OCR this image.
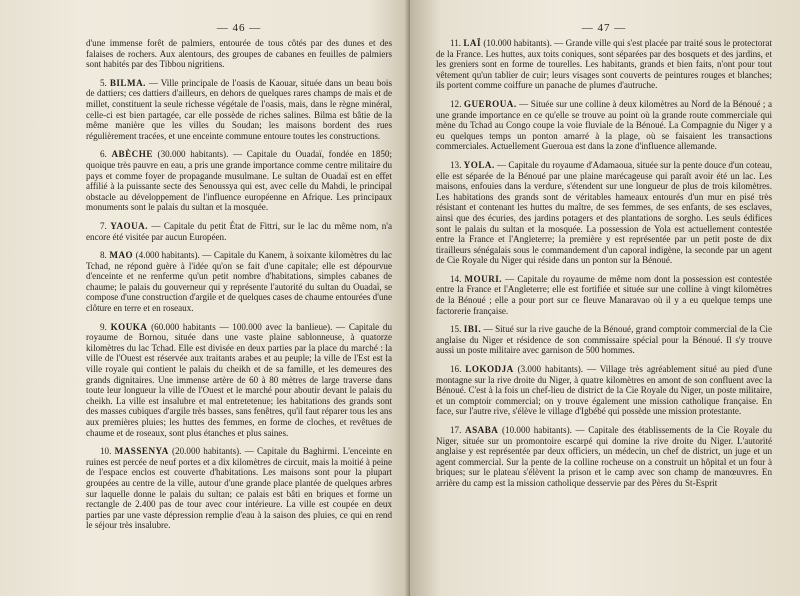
— 46 —

d'une immense forêt de palmiers, entourée de tous côtés par des dunes et des falaises de rochers. Aux alentours, des groupes de cabanes en feuilles de palmiers sont habités par des Tibbou nigritiens.

5. BILMA. — Ville principale de l'oasis de Kaouar, située dans un beau bois de dattiers; ces dattiers d'ailleurs, en dehors de quelques rares champs de maïs et de millet, constituent la seule richesse végétale de l'oasis, mais, dans le règne minéral, celle-ci est bien partagée, car elle possède de riches salines. Bilma est bâtie de la même manière que les villes du Soudan; les maisons bordent des rues régulièrement tracées, et une enceinte commune entoure toutes les constructions.

6. ABÈCHE (30.000 habitants). — Capitale du Ouadaï, fondée en 1850; quoique très pauvre en eau, a pris une grande importance comme centre militaire du pays et comme foyer de propagande musulmane. Le sultan de Ouadaï est en effet affilié à la puissante secte des Senoussya qui est, avec celle du Mahdi, le principal obstacle au développement de l'influence européenne en Afrique. Les principaux monuments sont le palais du sultan et la mosquée.

7. YAOUA. — Capitale du petit État de Fittri, sur le lac du même nom, n'a encore été visitée par aucun Européen.

8. MAO (4.000 habitants). — Capitale du Kanem, à soixante kilomètres du lac Tchad, ne répond guère à l'idée qu'on se fait d'une capitale; elle est dépourvue d'enceinte et ne renferme qu'un petit nombre d'habitations, simples cabanes de chaume; le palais du gouverneur qui y représente l'autorité du sultan du Ouadaï, se compose d'une construction d'argile et de quelques cases de chaume entourées d'une clôture en terre et en roseaux.

9. KOUKA (60.000 habitants — 100.000 avec la banlieue). — Capitale du royaume de Bornou, située dans une vaste plaine sablonneuse, à quatorze kilomètres du lac Tchad. Elle est divisée en deux parties par la place du marché : la ville de l'Ouest est réservée aux traitants arabes et au peuple; la ville de l'Est est la ville royale qui contient le palais du cheikh et de sa famille, et les demeures des grands dignitaires. Une immense artère de 60 à 80 mètres de large traverse dans toute leur longueur la ville de l'Ouest et le marché pour aboutir devant le palais du cheikh. La ville est insalubre et mal entretetenue; les habitations des grands sont des masses cubiques d'argile très basses, sans fenêtres, qu'il faut réparer tous les ans aux premières pluies; les huttes des femmes, en forme de cloches, et revêtues de chaume et de roseaux, sont plus étanches et plus saines.

10. MASSENYA (20.000 habitants). — Capitale du Baghirmi. L'enceinte en ruines est percée de neuf portes et a dix kilomètres de circuit, mais la moitié à peine de l'espace enclos est couverte d'habitations. Les maisons sont pour la plupart groupées au centre de la ville, autour d'une grande place plantée de quelques arbres sur laquelle donne le palais du sultan; ce palais est bâti en briques et forme un rectangle de 2.400 pas de tour avec cour intérieure. La ville est coupée en deux parties par une vaste dépression remplie d'eau à la saison des pluies, ce qui en rend le séjour très insalubre.

— 47 —

11. LAÏ (10.000 habitants). — Grande ville qui s'est placée par traité sous le protectorat de la France. Les huttes, aux toits coniques, sont séparées par des bosquets et des jardins, et les greniers sont en forme de tourelles. Les habitants, grands et bien faits, n'ont pour tout vêtement qu'un tablier de cuir; leurs visages sont couverts de peintures rouges et blanches; ils portent comme coiffure un panache de plumes d'autruche.

12. GUEROUA. — Située sur une colline à deux kilomètres au Nord de la Bénoué ; a une grande importance en ce qu'elle se trouve au point où la grande route commerciale qui mène du Tchad au Congo coupe la voie fluviale de la Bénoué. La Compagnie du Niger y a eu quelques temps un ponton amarré à la plage, où se faisaient les transactions commerciales. Actuellement Gueroua est dans la zone d'influence allemande.

13. YOLA. — Capitale du royaume d'Adamaoua, située sur la pente douce d'un coteau, elle est séparée de la Bénoué par une plaine marécageuse qui paraît avoir été un lac. Les maisons, enfouies dans la verdure, s'étendent sur une longueur de plus de trois kilomètres. Les habitations des grands sont de véritables hameaux entourés d'un mur en pisé très résistant et contenant les huttes du maître, de ses femmes, de ses enfants, de ses esclaves, ainsi que des écuries, des jardins potagers et des plantations de sorgho. Les seuls édifices sont le palais du sultan et la mosquée. La possession de Yola est actuellement contestée entre la France et l'Angleterre; la première y est représentée par un petit poste de dix tirailleurs sénégalais sous le commandement d'un caporal indigène, la seconde par un agent de Cie Royale du Niger qui réside dans un ponton sur la Bénoué.

14. MOURI. — Capitale du royaume de même nom dont la possession est contestée entre la France et l'Angleterre; elle est fortifiée et située sur une colline à vingt kilomètres de la Bénoué ; elle a pour port sur ce fleuve Manaravao où il y a eu quelque temps une factorerie française.

15. IBI. — Situé sur la rive gauche de la Bénoué, grand comptoir commercial de la Cie anglaise du Niger et résidence de son commissaire spécial pour la Bénoué. Il s'y trouve aussi un poste militaire avec garnison de 500 hommes.

16. LOKODJA (3.000 habitants). — Village très agréablement situé au pied d'une montagne sur la rive droite du Niger, à quatre kilomètres en amont de son confluent avec la Bénoué. C'est à la fois un chef-lieu de district de la Cie Royale du Niger, un poste militaire, et un comptoir commercial; on y trouve également une mission catholique française. En face, sur l'autre rive, s'élève le village d'Igbébé qui possède une mission protestante.

17. ASABA (10.000 habitants). — Capitale des établissements de la Cie Royale du Niger, située sur un promontoire escarpé qui domine la rive droite du Niger. L'autorité anglaise y est représentée par deux officiers, un médecin, un chef de district, un juge et un agent commercial. Sur la pente de la colline rocheuse on a construit un hôpital et un four à briques; sur le plateau s'élèvent la prison et le camp avec son champ de manœuvres. En arrière du camp est la mission catholique desservie par des Pères du St-Esprit
